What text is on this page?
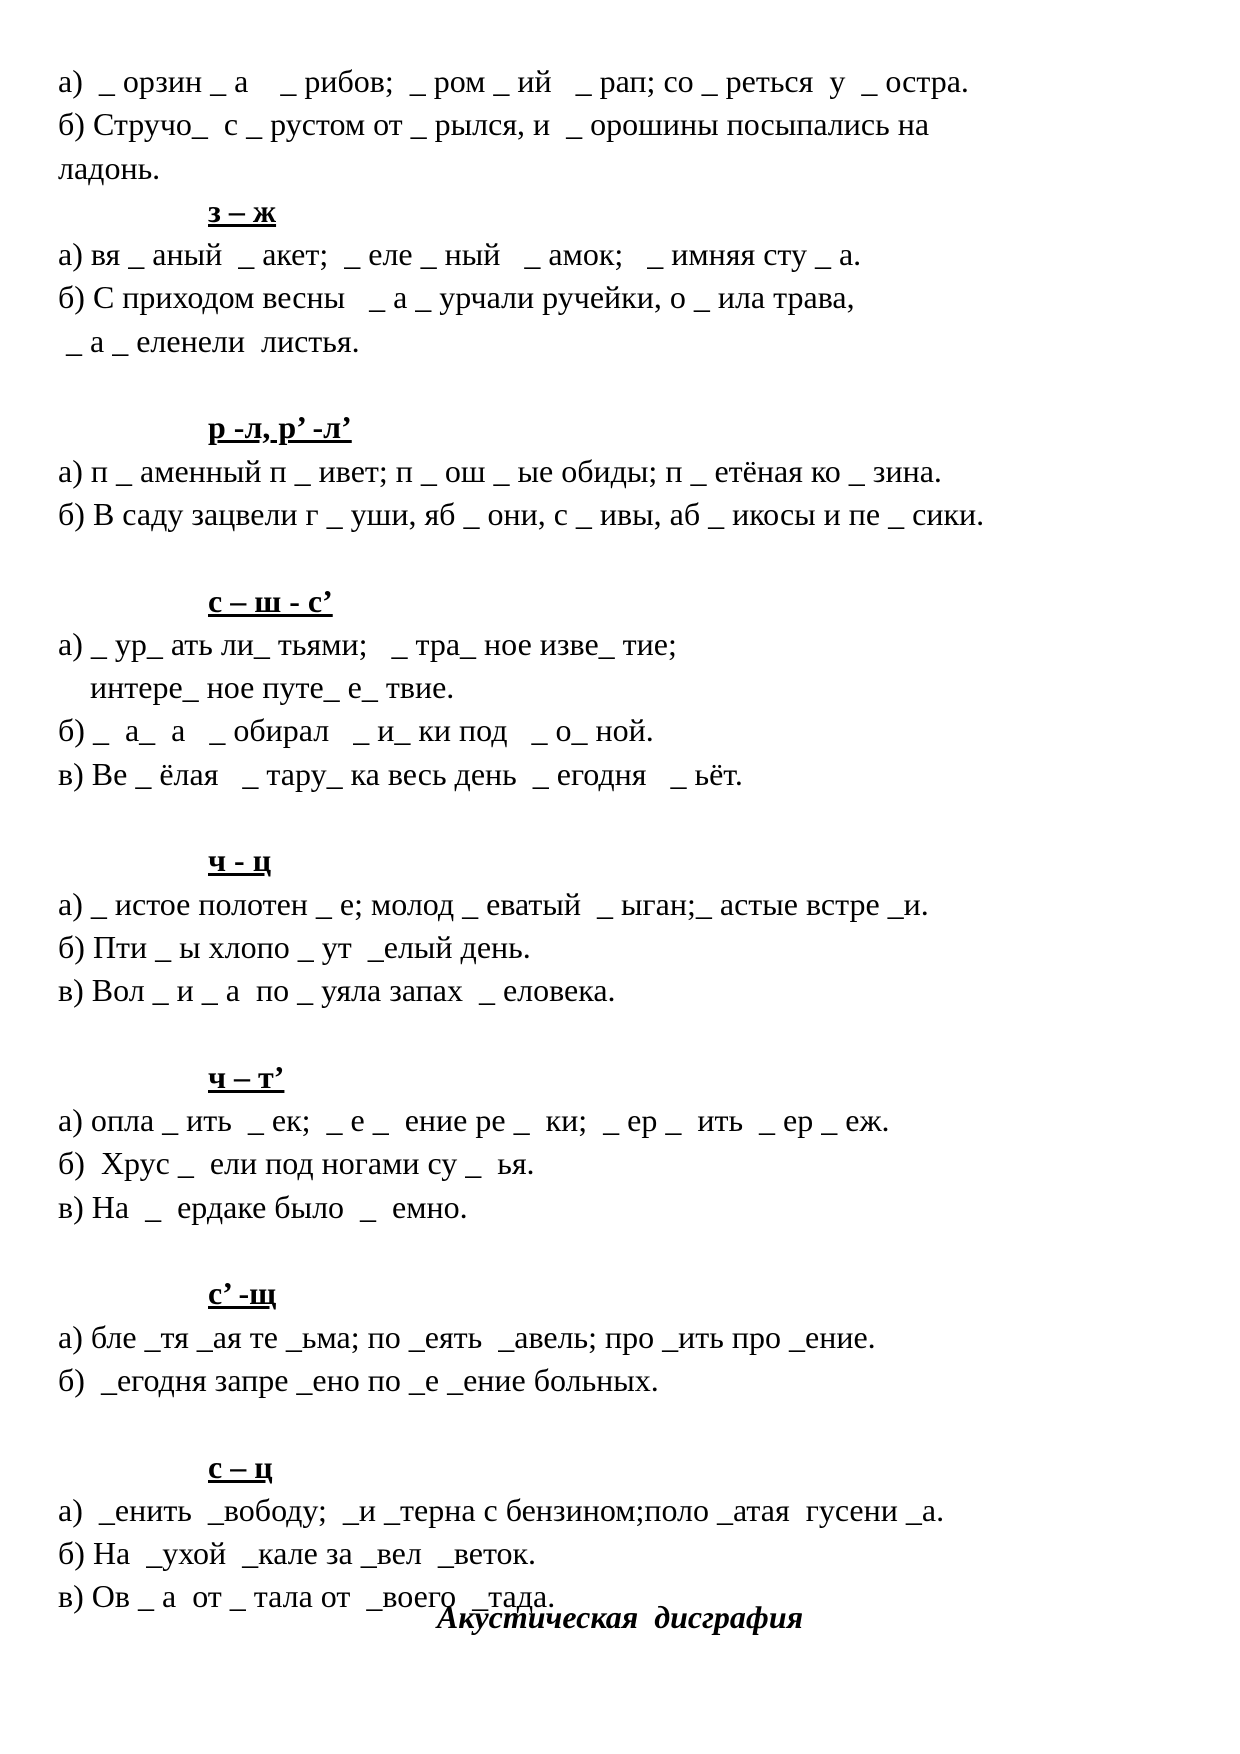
а)  _ орзин _ а    _ рибов;  _ ром _ ий   _ рап; со _ реться  у  _ остра.
б) Стручо_  с _ рустом от _ рылся, и  _ орошины посыпались на
ладонь.
з – ж
а) вя _ аный  _ акет;  _ еле _ ный   _ амок;   _ имняя сту _ а.
б) С приходом весны   _ а _ урчали ручейки, о _ ила трава,
_ а _ еленели  листья.
р -л, р’ -л’
а) п _ аменный п _ ивет; п _ ош _ ые обиды; п _ етёная ко _ зина.
б) В саду зацвели г _ уши, яб _ они, с _ ивы, аб _ икосы и пе _ сики.
с – ш - с’
а) _ ур_ ать ли_ тьями;   _ тра_ ное изве_ тие;
интере_ ное путе_ е_ твие.
б) _  а_  а   _ обирал   _ и_ ки под   _ о_ ной.
в) Ве _ ёлая   _ тару_ ка весь день  _ егодня   _ ьёт.
ч - ц
а) _ истое полотен _ е; молод _ еватый  _ ыган;_ астые встре _и.
б) Пти _ ы хлопо _ ут  _елый день.
в) Вол _ и _ а  по _ уяла запах  _ еловека.
ч – т’
а) опла _ ить  _ ек;  _ е _  ение ре _  ки;  _ ер _  ить  _ ер _ еж.
б)  Хрус _  ели под ногами су _  ья.
в) На  _  ердаке было  _  емно.
с’ -щ
а) бле _тя _ая те _ьма; по _еять  _авель; про _ить про _ение.
б)  _егодня запре _ено по _е _ение больных.
с – ц
а)  _енить  _вободу;  _и _терна с бензином;поло _атая  гусени _а.
б) На  _ухой  _кале за _вел  _веток.
в) Ов _ а  от _ тала от  _воего  _тада.
Акустическая  дисграфия
